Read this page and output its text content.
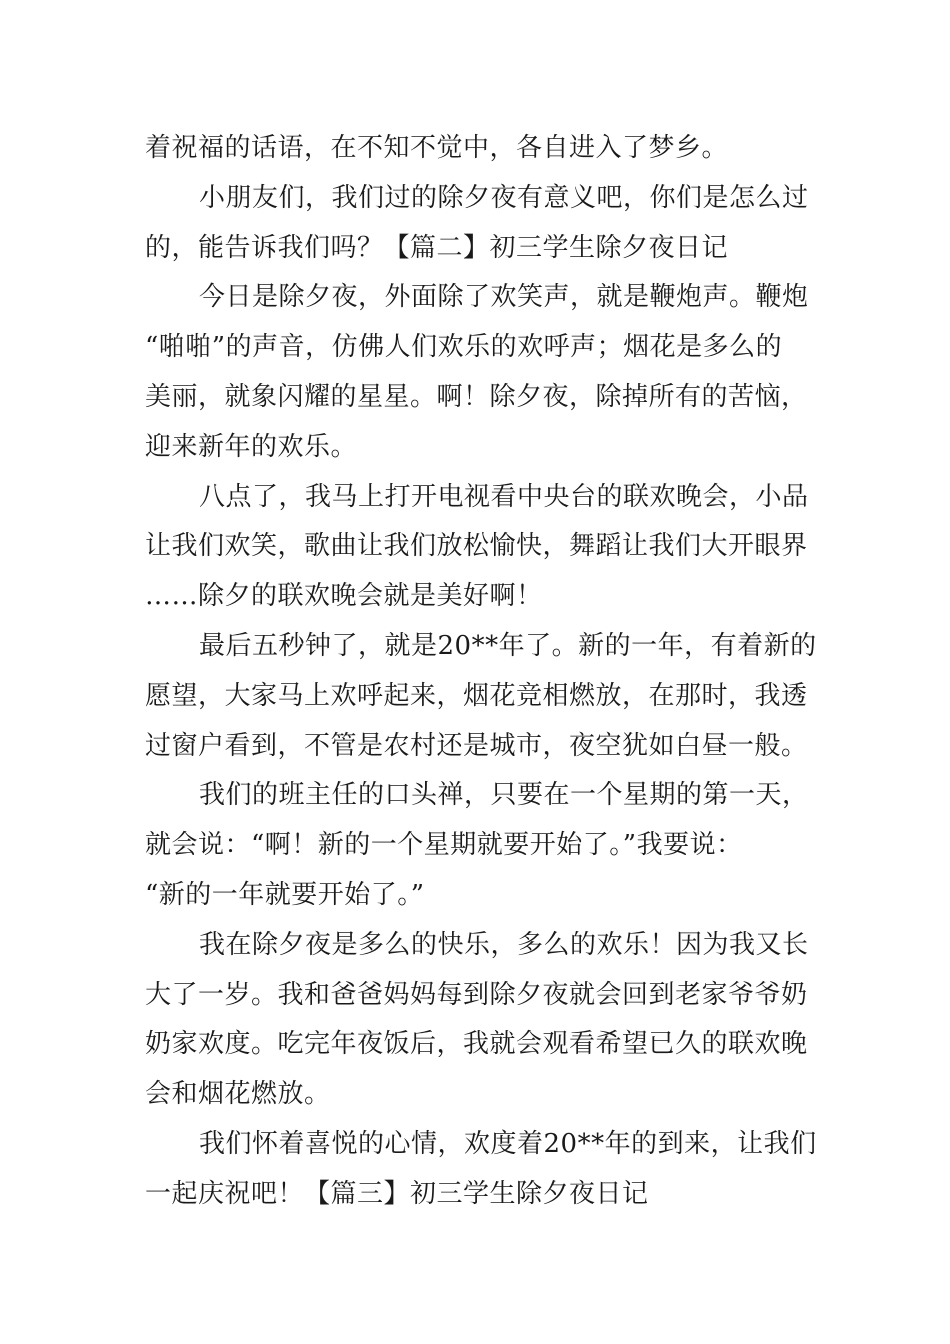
着祝福的话语，在不知不觉中，各自进入了梦乡。
小朋友们，我们过的除夕夜有意义吧，你们是怎么过
的，能告诉我们吗？【篇二】初三学生除夕夜日记
今日是除夕夜，外面除了欢笑声，就是鞭炮声。鞭炮
“啪啪”的声音，仿佛人们欢乐的欢呼声；烟花是多么的
美丽，就象闪耀的星星。啊！除夕夜，除掉所有的苦恼，
迎来新年的欢乐。
八点了，我马上打开电视看中央台的联欢晚会，小品
让我们欢笑，歌曲让我们放松愉快，舞蹈让我们大开眼界
……除夕的联欢晚会就是美好啊！
最后五秒钟了，就是20**年了。新的一年，有着新的
愿望，大家马上欢呼起来，烟花竞相燃放，在那时，我透
过窗户看到，不管是农村还是城市，夜空犹如白昼一般。
我们的班主任的口头禅，只要在一个星期的第一天，
就会说：“啊！新的一个星期就要开始了。”我要说：
“新的一年就要开始了。”
我在除夕夜是多么的快乐，多么的欢乐！因为我又长
大了一岁。我和爸爸妈妈每到除夕夜就会回到老家爷爷奶
奶家欢度。吃完年夜饭后，我就会观看希望已久的联欢晚
会和烟花燃放。
我们怀着喜悦的心情，欢度着20**年的到来，让我们
一起庆祝吧！【篇三】初三学生除夕夜日记
